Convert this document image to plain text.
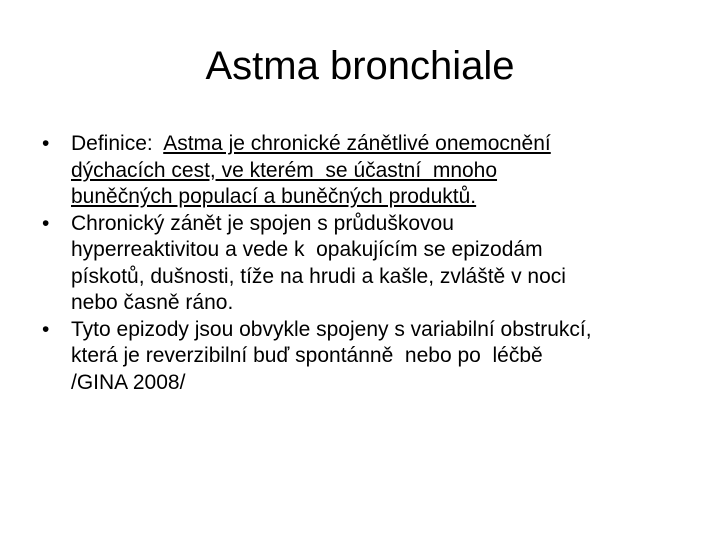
Astma bronchiale
• Definice:  Astma je chronické zánětlivé onemocnění
dýchacích cest, ve kterém  se účastní  mnoho
buněčných populací a buněčných produktů.
• Chronický zánět je spojen s průduškovou
hyperreaktivitou a vede k  opakujícím se epizodám
pískotů, dušnosti, tíže na hrudi a kašle, zvláště v noci
nebo časně ráno.
• Tyto epizody jsou obvykle spojeny s variabilní obstrukcí,
která je reverzibilní buď spontánně  nebo po  léčbě
/GINA 2008/
